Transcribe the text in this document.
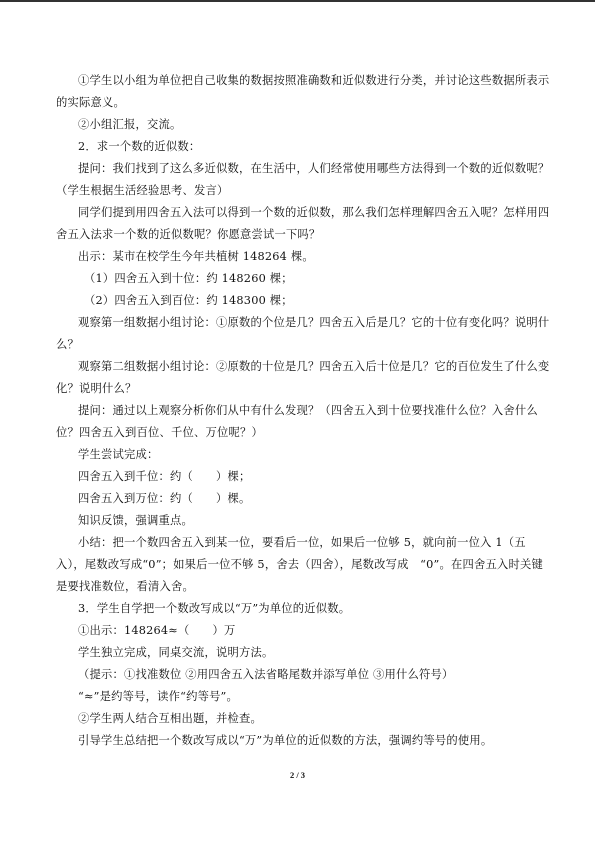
①学生以小组为单位把自己收集的数据按照准确数和近似数进行分类，并讨论这些数据所表示的实际意义。

②小组汇报，交流。

2．求一个数的近似数：

提问：我们找到了这么多近似数，在生活中，人们经常使用哪些方法得到一个数的近似数呢？（学生根据生活经验思考、发言）

同学们提到用四舍五入法可以得到一个数的近似数，那么我们怎样理解四舍五入呢？怎样用四舍五入法求一个数的近似数呢？你愿意尝试一下吗？

出示：某市在校学生今年共植树 148264 棵。

（1）四舍五入到十位：约 148260 棵；

（2）四舍五入到百位：约 148300 棵；

观察第一组数据小组讨论：①原数的个位是几？四舍五入后是几？它的十位有变化吗？说明什么？

观察第二组数据小组讨论：②原数的十位是几？四舍五入后十位是几？它的百位发生了什么变化？说明什么？

提问：通过以上观察分析你们从中有什么发现？（四舍五入到十位要找准什么位？入舍什么位？四舍五入到百位、千位、万位呢？）

学生尝试完成：

四舍五入到千位：约（　　）棵；

四舍五入到万位：约（　　）棵。

知识反馈，强调重点。

小结：把一个数四舍五入到某一位，要看后一位，如果后一位够 5，就向前一位入 1（五入），尾数改写成“0”；如果后一位不够 5，舍去（四舍），尾数改写成　“0”。在四舍五入时关键是要找准数位，看清入舍。

3．学生自学把一个数改写成以“万”为单位的近似数。

①出示：148264≈（　　）万

学生独立完成，同桌交流，说明方法。

（提示：①找准数位 ②用四舍五入法省略尾数并添写单位 ③用什么符号）

“≈”是约等号，读作“约等号”。

②学生两人结合互相出题，并检查。

引导学生总结把一个数改写成以“万”为单位的近似数的方法，强调约等号的使用。

2 / 3
